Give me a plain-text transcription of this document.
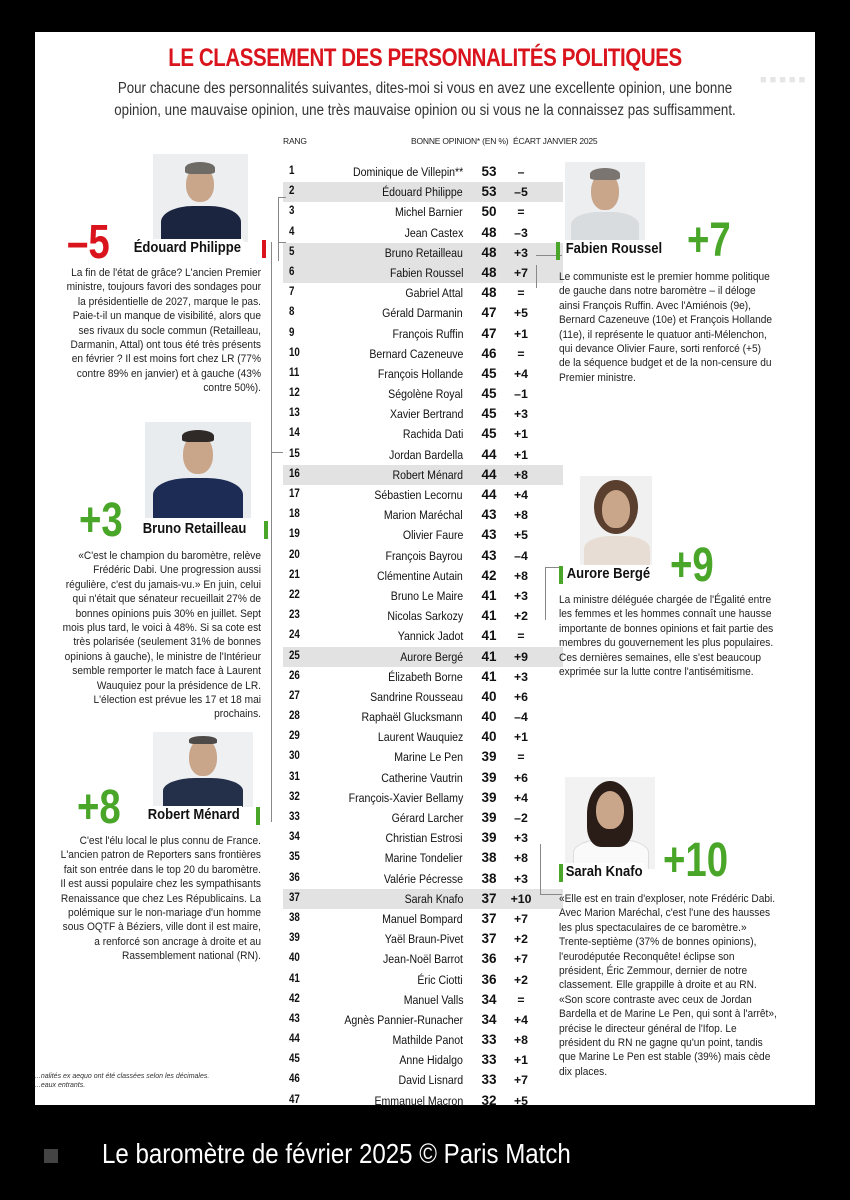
Le baromètre de février 2025 © Paris Match
LE CLASSEMENT DES PERSONNALITÉS POLITIQUES
■■■■■
Pour chacune des personnalités suivantes, dites-moi si vous en avez une excellente opinion, une bonne opinion, une mauvaise opinion, une très mauvaise opinion ou si vous ne la connaissez pas suffisamment.
RANG	BONNE OPINION* (EN %) ÉCART JANVIER 2025
1	Dominique de Villepin** 53	–
2	Édouard Philippe 53	–5
3	Michel Barnier 50	=
4	Jean Castex 48	–3
5	Bruno Retailleau 48	+3
6	Fabien Roussel 48	+7
7	Gabriel Attal 48	=
8	Gérald Darmanin 47	+5
9	François Ruffin 47	+1
10	Bernard Cazeneuve 46	=
11	François Hollande 45	+4
12	Ségolène Royal 45	–1
13	Xavier Bertrand 45	+3
14	Rachida Dati 45	+1
15	Jordan Bardella 44	+1
16	Robert Ménard 44	+8
17	Sébastien Lecornu 44	+4
18	Marion Maréchal 43	+8
19	Olivier Faure 43	+5
20	François Bayrou 43	–4
21	Clémentine Autain 42	+8
22	Bruno Le Maire 41	+3
23	Nicolas Sarkozy 41	+2
24	Yannick Jadot 41	=
25	Aurore Bergé 41	+9
26	Élizabeth Borne 41	+3
27	Sandrine Rousseau 40	+6
28	Raphaël Glucksmann 40	–4
29	Laurent Wauquiez 40	+1
30	Marine Le Pen 39	=
31	Catherine Vautrin 39	+6
32	François-Xavier Bellamy 39	+4
33	Gérard Larcher 39	–2
34	Christian Estrosi 39	+3
35	Marine Tondelier 38	+8
36	Valérie Pécresse 38	+3
37	Sarah Knafo 37	+10
38	Manuel Bompard 37	+7
39	Yaël Braun-Pivet 37	+2
40	Jean-Noël Barrot 36	+7
41	Éric Ciotti 36	+2
42	Manuel Valls 34	=
43	Agnès Pannier-Runacher 34	+4
44	Mathilde Panot 33	+8
45	Anne Hidalgo 33	+1
46	David Lisnard 33	+7
47	Emmanuel Macron 32	+5
–5 Édouard Philippe
La fin de l'état de grâce? L'ancien Premier ministre, toujours favori des sondages pour la présidentielle de 2027, marque le pas. Paie-t-il un manque de visibilité, alors que ses rivaux du socle commun (Retailleau, Darmanin, Attal) ont tous été très présents en février ? Il est moins fort chez LR (77% contre 89% en janvier) et à gauche (43% contre 50%).
+3 Bruno Retailleau
«C'est le champion du baromètre, relève Frédéric Dabi. Une progression aussi régulière, c'est du jamais-vu.» En juin, celui qui n'était que sénateur recueillait 27% de bonnes opinions puis 30% en juillet. Sept mois plus tard, le voici à 48%. Si sa cote est très polarisée (seulement 31% de bonnes opinions à gauche), le ministre de l'Intérieur semble remporter le match face à Laurent Wauquiez pour la présidence de LR. L'élection est prévue les 17 et 18 mai prochains.
+8 Robert Ménard
C'est l'élu local le plus connu de France. L'ancien patron de Reporters sans frontières fait son entrée dans le top 20 du baromètre. Il est aussi populaire chez les sympathisants Renaissance que chez Les Républicains. La polémique sur le non-mariage d'un homme sous OQTF à Béziers, ville dont il est maire, a renforcé son ancrage à droite et au Rassemblement national (RN).
Fabien Roussel +7
Le communiste est le premier homme politique de gauche dans notre baromètre – il déloge ainsi François Ruffin. Avec l'Amiénois (9e), Bernard Cazeneuve (10e) et François Hollande (11e), il représente le quatuor anti-Mélenchon, qui devance Olivier Faure, sorti renforcé (+5) de la séquence budget et de la non-censure du Premier ministre.
Aurore Bergé +9
La ministre déléguée chargée de l'Égalité entre les femmes et les hommes connaît une hausse importante de bonnes opinions et fait partie des membres du gouvernement les plus populaires. Ces dernières semaines, elle s'est beaucoup exprimée sur la lutte contre l'antisémitisme.
Sarah Knafo +10
«Elle est en train d'exploser, note Frédéric Dabi. Avec Marion Maréchal, c'est l'une des hausses les plus spectaculaires de ce baromètre.» Trente-septième (37% de bonnes opinions), l'eurodéputée Reconquête! éclipse son président, Éric Zemmour, dernier de notre classement. Elle grappille à droite et au RN. «Son score contraste avec ceux de Jordan Bardella et de Marine Le Pen, qui sont à l'arrêt», précise le directeur général de l'Ifop. Le président du RN ne gagne qu'un point, tandis que Marine Le Pen est stable (39%) mais cède dix places.
...nalités ex aequo ont été classées selon les décimales. ...eaux entrants.
